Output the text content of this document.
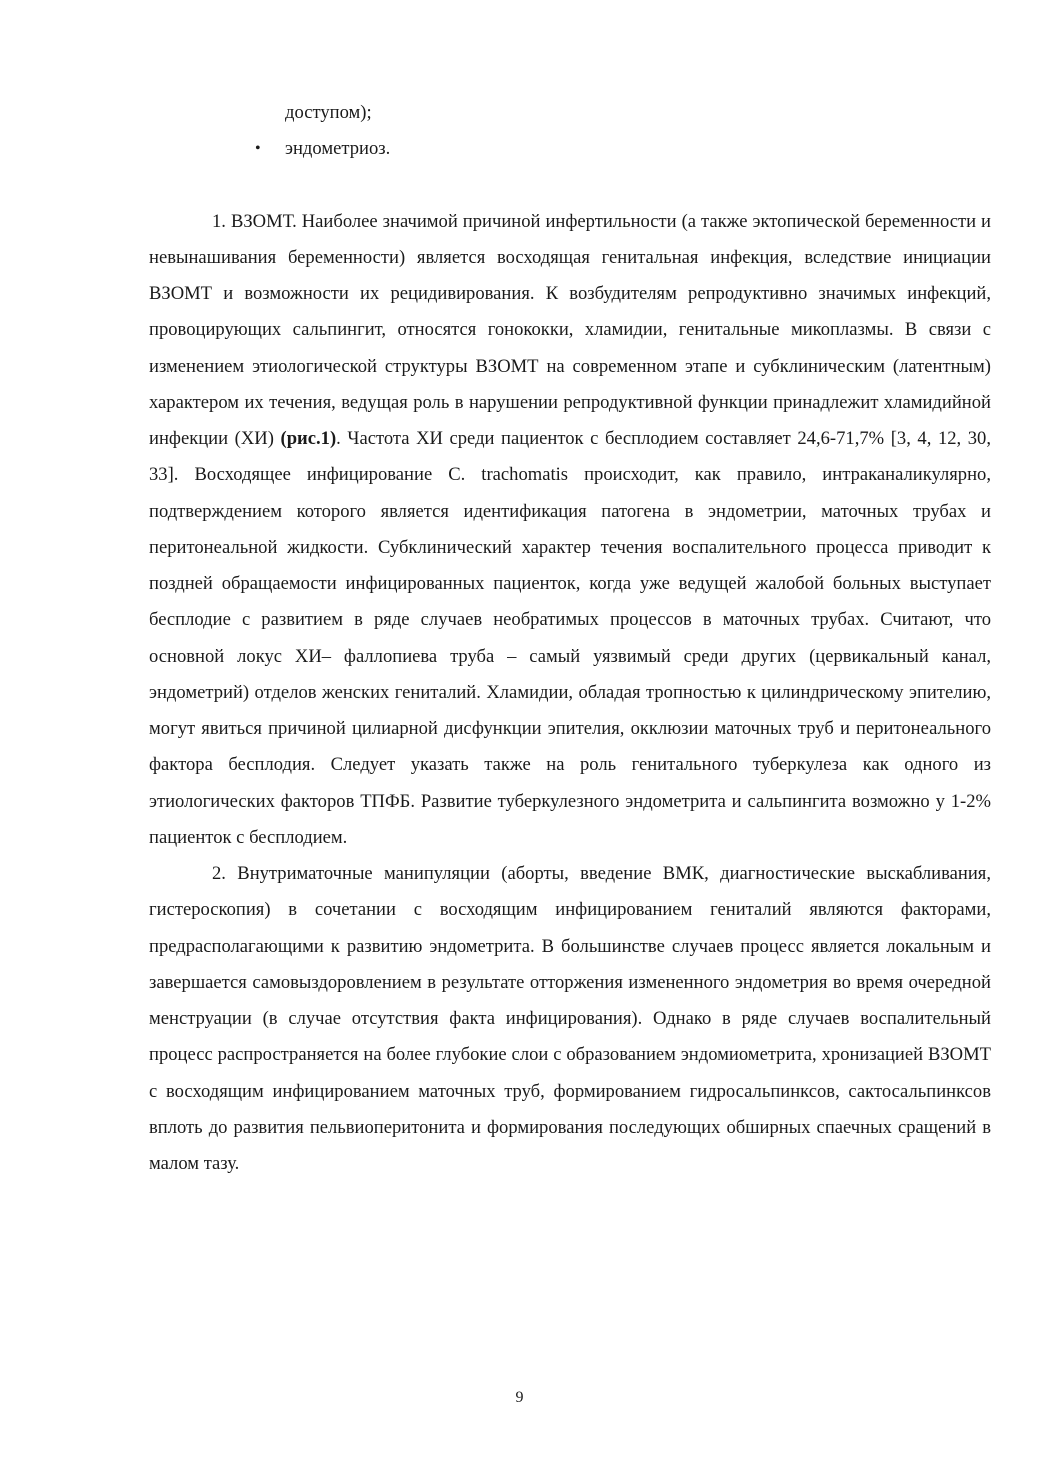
доступом);
• эндометриоз.

1. ВЗОМТ. Наиболее значимой причиной инфертильности (а также эктопической беременности и невынашивания беременности) является восходящая генитальная инфекция, вследствие инициации ВЗОМТ и возможности их рецидивирования. К возбудителям репродуктивно значимых инфекций, провоцирующих сальпингит, относятся гонококки, хламидии, генитальные микоплазмы. В связи с изменением этиологической структуры ВЗОМТ на современном этапе и субклиническим (латентным) характером их течения, ведущая роль в нарушении репродуктивной функции принадлежит хламидийной инфекции (ХИ) (рис.1). Частота ХИ среди пациенток с бесплодием составляет 24,6-71,7% [3, 4, 12, 30, 33]. Восходящее инфицирование C. trachomatis происходит, как правило, интраканаликулярно, подтверждением которого является идентификация патогена в эндометрии, маточных трубах и перитонеальной жидкости. Субклинический характер течения воспалительного процесса приводит к поздней обращаемости инфицированных пациенток, когда уже ведущей жалобой больных выступает бесплодие с развитием в ряде случаев необратимых процессов в маточных трубах. Считают, что основной локус ХИ– фаллопиева труба – самый уязвимый среди других (цервикальный канал, эндометрий) отделов женских гениталий. Хламидии, обладая тропностью к цилиндрическому эпителию, могут явиться причиной цилиарной дисфункции эпителия, окклюзии маточных труб и перитонеального фактора бесплодия. Следует указать также на роль генитального туберкулеза как одного из этиологических факторов ТПФБ. Развитие туберкулезного эндометрита и сальпингита возможно у 1-2% пациенток с бесплодием.

2. Внутриматочные манипуляции (аборты, введение ВМК, диагностические выскабливания, гистероскопия) в сочетании с восходящим инфицированием гениталий являются факторами, предрасполагающими к развитию эндометрита. В большинстве случаев процесс является локальным и завершается самовыздоровлением в результате отторжения измененного эндометрия во время очередной менструации (в случае отсутствия факта инфицирования). Однако в ряде случаев воспалительный процесс распространяется на более глубокие слои с образованием эндомиометрита, хронизацией ВЗОМТ с восходящим инфицированием маточных труб, формированием гидросальпинксов, сактосальпинксов вплоть до развития пельвиоперитонита и формирования последующих обширных спаечных сращений в малом тазу.

9
